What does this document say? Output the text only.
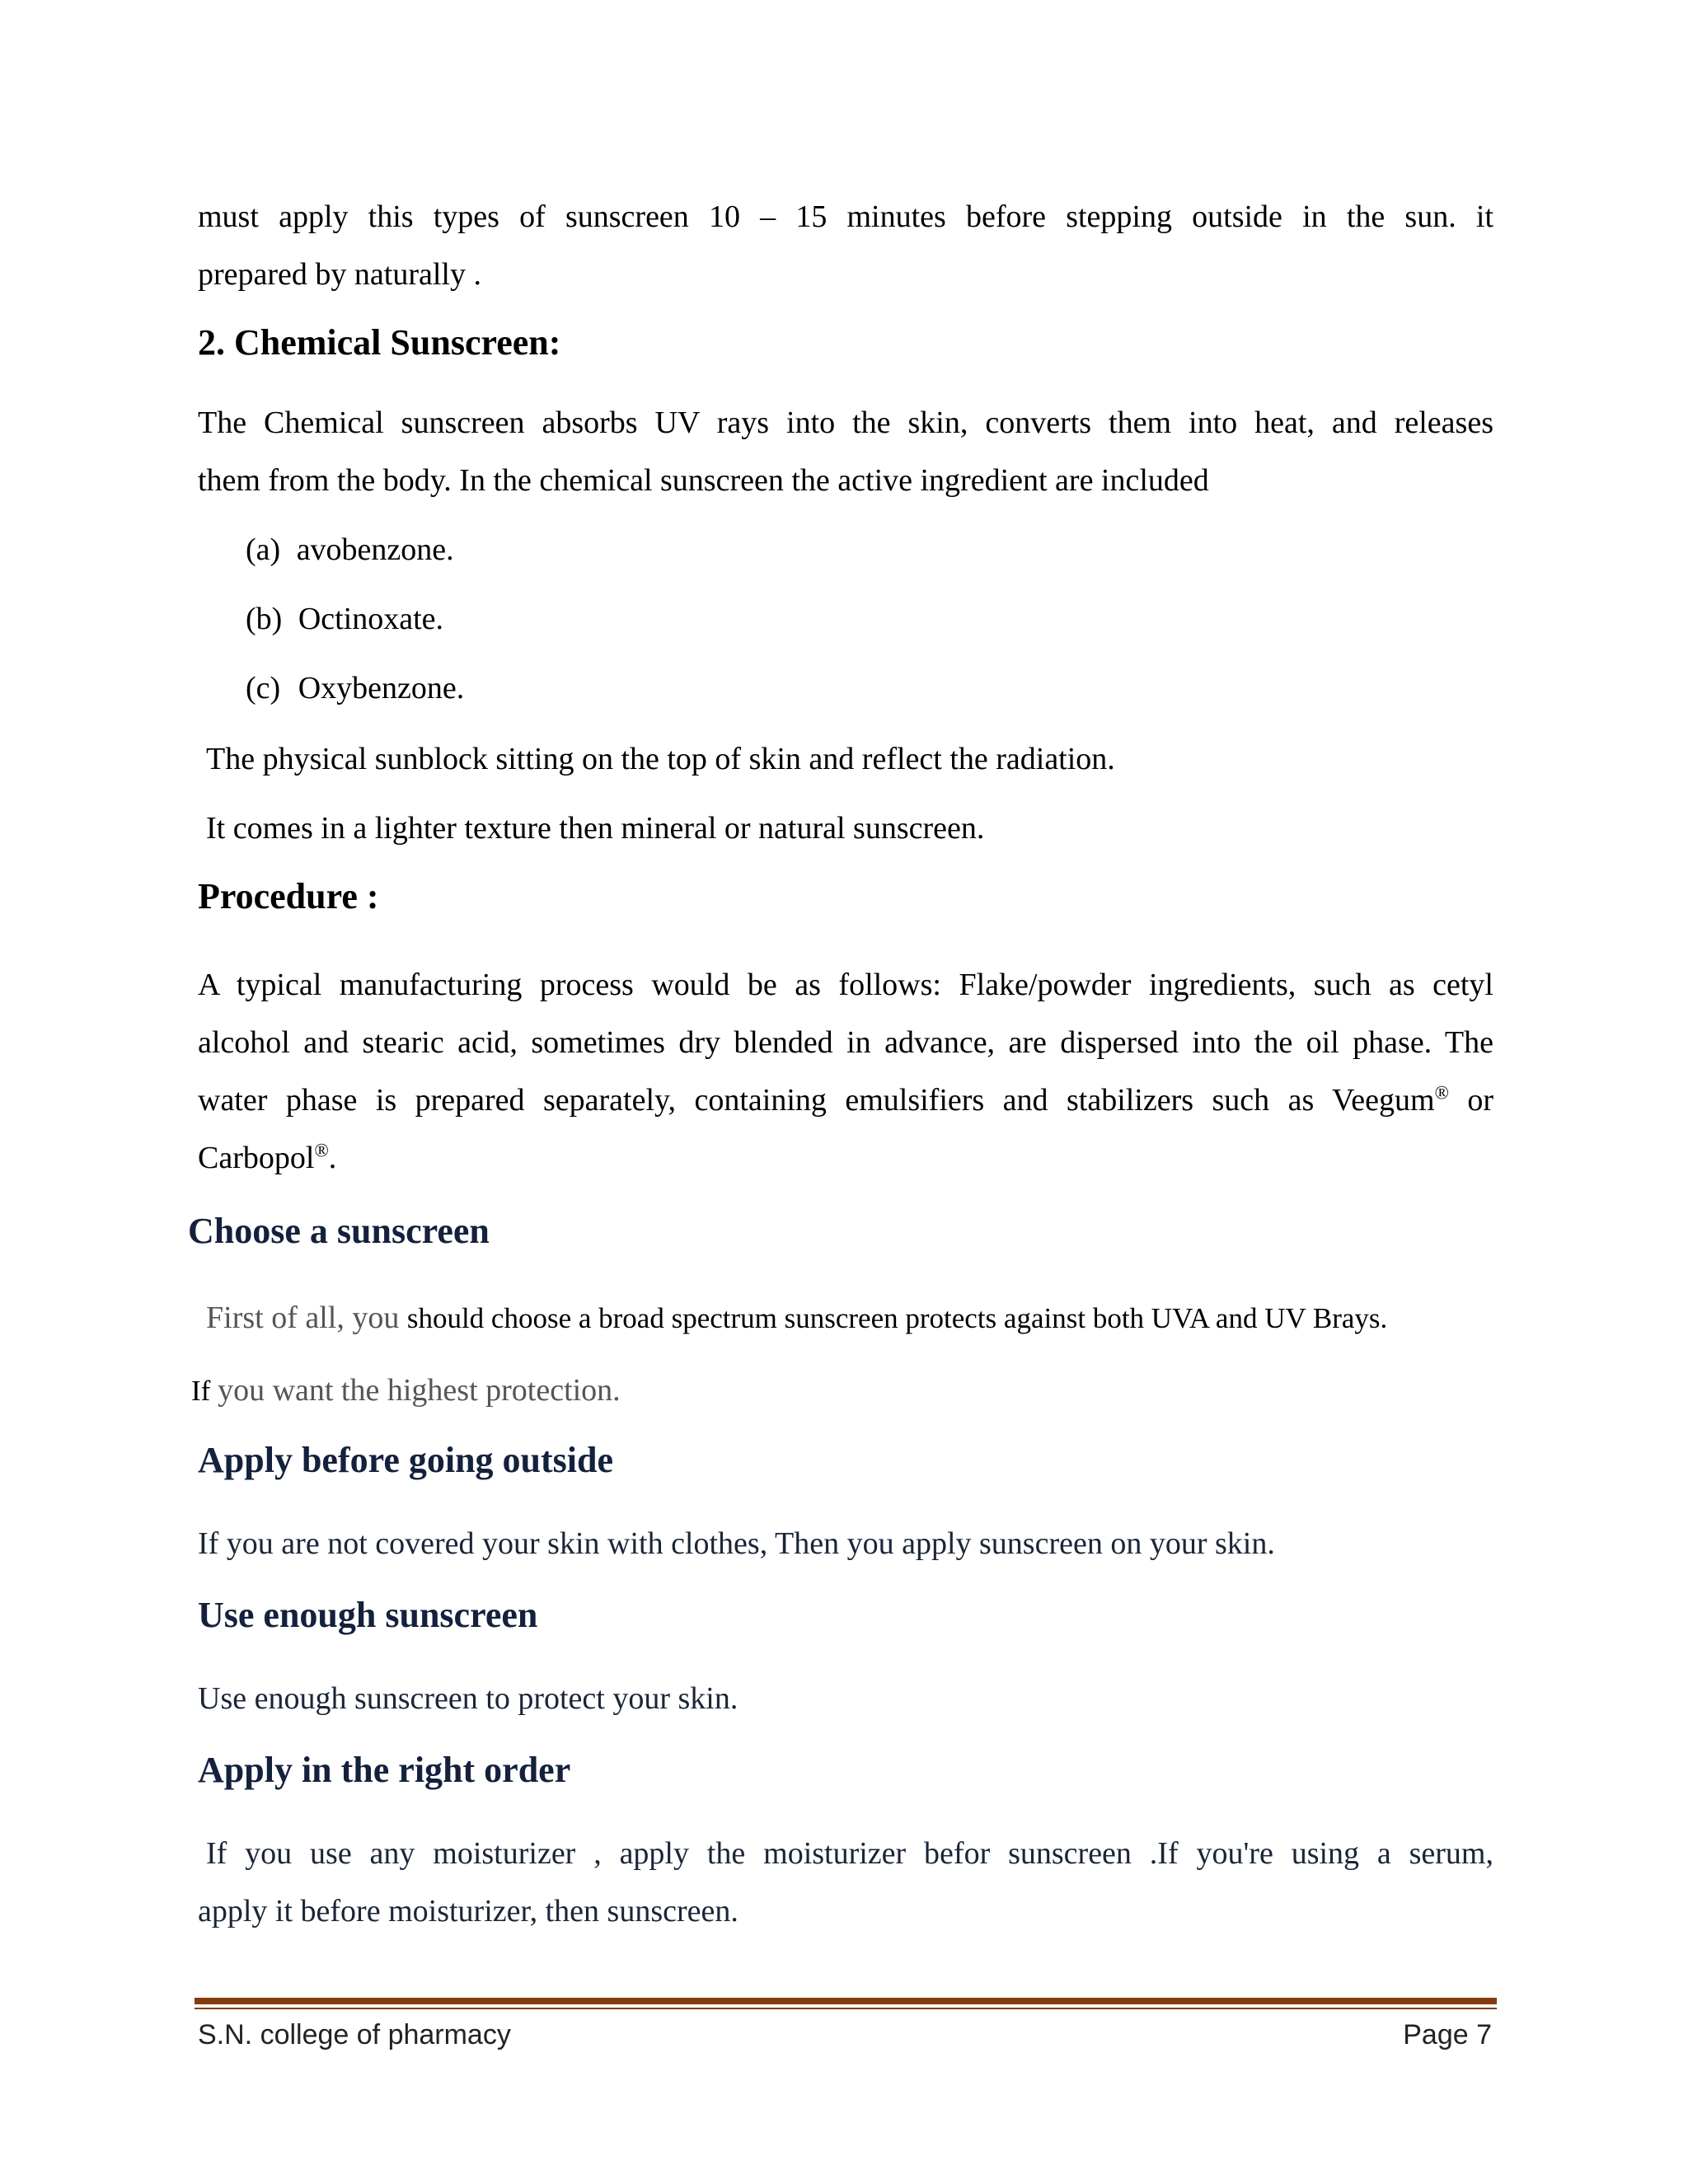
must apply this types of sunscreen 10 – 15 minutes before stepping outside in the sun. it

prepared by naturally .

2. Chemical Sunscreen:

The Chemical sunscreen absorbs UV rays into the skin, converts them into heat, and releases

them from the body. In the chemical sunscreen the active ingredient are included

(a) avobenzone.
(b) Octinoxate.
(c) Oxybenzone.

The physical sunblock sitting on the top of skin and reflect the radiation.

It comes in a lighter texture then mineral or natural sunscreen.

Procedure :

A typical manufacturing process would be as follows: Flake/powder ingredients, such as cetyl

alcohol and stearic acid, sometimes dry blended in advance, are dispersed into the oil phase. The

water phase is prepared separately, containing emulsifiers and stabilizers such as Veegum® or

Carbopol®.

Choose a sunscreen

First of all, you should choose a broad spectrum sunscreen protects against both UVA and UV Brays.

If you want the highest protection.

Apply before going outside

If you are not covered your skin with clothes, Then you apply sunscreen on your skin.

Use enough sunscreen

Use enough sunscreen to protect your skin.

Apply in the right order

If you use any moisturizer , apply the moisturizer befor sunscreen .If you're using a serum,

apply it before moisturizer, then sunscreen.

S.N. college of pharmacy	Page 7
